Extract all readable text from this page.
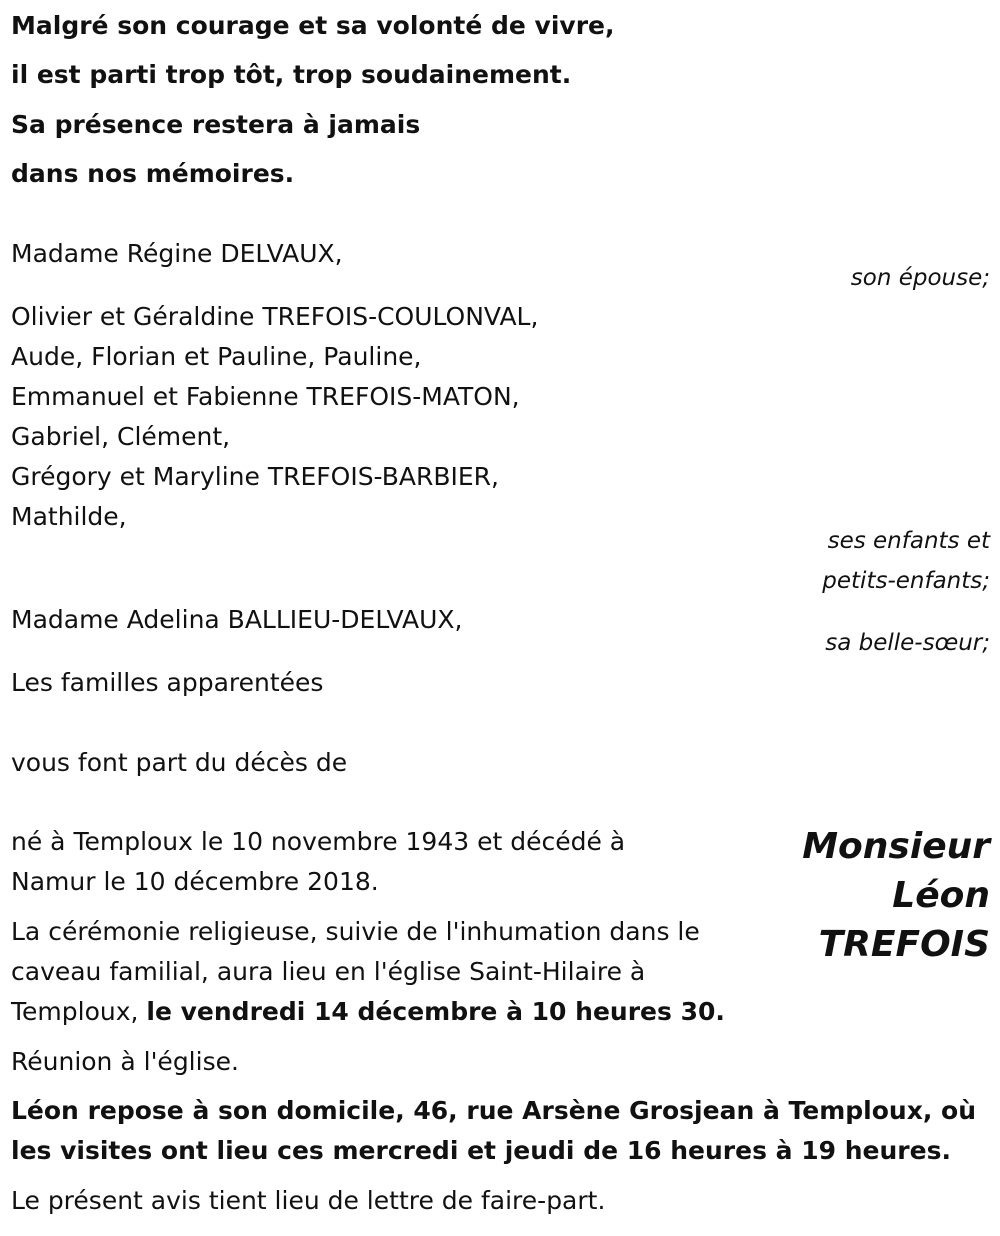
Malgré son courage et sa volonté de vivre,
il est parti trop tôt, trop soudainement.
Sa présence restera à jamais
dans nos mémoires.
Madame Régine DELVAUX,
son épouse;
Olivier et Géraldine TREFOIS-COULONVAL,
Aude, Florian et Pauline, Pauline,
Emmanuel et Fabienne TREFOIS-MATON,
Gabriel, Clément,
Grégory et Maryline TREFOIS-BARBIER,
Mathilde,
ses enfants et
petits-enfants;
Madame Adelina BALLIEU-DELVAUX,
sa belle-sœur;
Les familles apparentées
vous font part du décès de
Monsieur
Léon
TREFOIS
né à Temploux le 10 novembre 1943 et décédé à
Namur le 10 décembre 2018.
La cérémonie religieuse, suivie de l'inhumation dans le
caveau familial, aura lieu en l'église Saint-Hilaire à
Temploux, le vendredi 14 décembre à 10 heures 30.
Réunion à l'église.
Léon repose à son domicile, 46, rue Arsène Grosjean à Temploux, où
les visites ont lieu ces mercredi et jeudi de 16 heures à 19 heures.
Le présent avis tient lieu de lettre de faire-part.
